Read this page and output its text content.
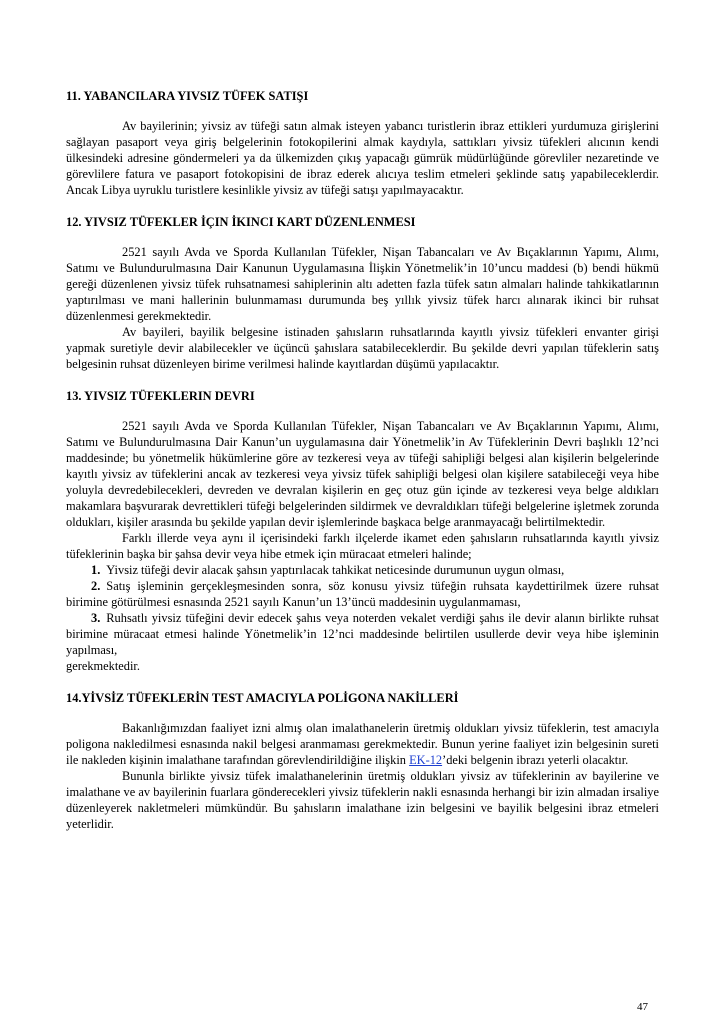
11. YABANCILARA YIVSIZ TÜFEK SATIŞI

Av bayilerinin; yivsiz av tüfeği satın almak isteyen yabancı turistlerin ibraz ettikleri yurdumuza girişlerini sağlayan pasaport veya giriş belgelerinin fotokopilerini almak kaydıyla, sattıkları yivsiz tüfekleri alıcının kendi ülkesindeki adresine göndermeleri ya da ülkemizden çıkış yapacağı gümrük müdürlüğünde görevliler nezaretinde ve görevlilere fatura ve pasaport fotokopisini de ibraz ederek alıcıya teslim etmeleri şeklinde satış yapabileceklerdir. Ancak Libya uyruklu turistlere kesinlikle yivsiz av tüfeği satışı yapılmayacaktır.

12. YIVSIZ TÜFEKLER İÇIN İKINCI KART DÜZENLENMESI

2521 sayılı Avda ve Sporda Kullanılan Tüfekler, Nişan Tabancaları ve Av Bıçaklarının Yapımı, Alımı, Satımı ve Bulundurulmasına Dair Kanunun Uygulamasına İlişkin Yönetmelik’in 10’uncu maddesi (b) bendi hükmü gereği düzenlenen yivsiz tüfek ruhsatnamesi sahiplerinin altı adetten fazla tüfek satın almaları halinde tahkikatlarının yaptırılması ve mani hallerinin bulunmaması durumunda beş yıllık yivsiz tüfek harcı alınarak ikinci bir ruhsat düzenlenmesi gerekmektedir.

Av bayileri, bayilik belgesine istinaden şahısların ruhsatlarında kayıtlı yivsiz tüfekleri envanter girişi yapmak suretiyle devir alabilecekler ve üçüncü şahıslara satabileceklerdir. Bu şekilde devri yapılan tüfeklerin satış belgesinin ruhsat düzenleyen birime verilmesi halinde kayıtlardan düşümü yapılacaktır.

13. YIVSIZ TÜFEKLERIN DEVRI

2521 sayılı Avda ve Sporda Kullanılan Tüfekler, Nişan Tabancaları ve Av Bıçaklarının Yapımı, Alımı, Satımı ve Bulundurulmasına Dair Kanun’un uygulamasına dair Yönetmelik’in Av Tüfeklerinin Devri başlıklı 12’nci maddesinde; bu yönetmelik hükümlerine göre av tezkeresi veya av tüfeği sahipliği belgesi alan kişilerin belgelerinde kayıtlı yivsiz av tüfeklerini ancak av tezkeresi veya yivsiz tüfek sahipliği belgesi olan kişilere satabileceği veya hibe yoluyla devredebilecekleri, devreden ve devralan kişilerin en geç otuz gün içinde av tezkeresi veya belge aldıkları makamlara başvurarak devrettikleri tüfeği belgelerinden sildirmek ve devraldıkları tüfeği belgelerine işletmek zorunda oldukları, kişiler arasında bu şekilde yapılan devir işlemlerinde başkaca belge aranmayacağı belirtilmektedir.

Farklı illerde veya aynı il içerisindeki farklı ilçelerde ikamet eden şahısların ruhsatlarında kayıtlı yivsiz tüfeklerinin başka bir şahsa devir veya hibe etmek için müracaat etmeleri halinde;

1. Yivsiz tüfeği devir alacak şahsın yaptırılacak tahkikat neticesinde durumunun uygun olması,

2. Satış işleminin gerçekleşmesinden sonra, söz konusu yivsiz tüfeğin ruhsata kaydettirilmek üzere ruhsat birimine götürülmesi esnasında 2521 sayılı Kanun’un 13’üncü maddesinin uygulanmaması,

3. Ruhsatlı yivsiz tüfeğini devir edecek şahıs veya noterden vekalet verdiği şahıs ile devir alanın birlikte ruhsat birimine müracaat etmesi halinde Yönetmelik’in 12’nci maddesinde belirtilen usullerde devir veya hibe işleminin yapılması,

gerekmektedir.

14.YİVSİZ TÜFEKLERİN TEST AMACIYLA POLİGONA NAKİLLERİ

Bakanlığımızdan faaliyet izni almış olan imalathanelerin üretmiş oldukları yivsiz tüfeklerin, test amacıyla poligona nakledilmesi esnasında nakil belgesi aranmaması gerekmektedir. Bunun yerine faaliyet izin belgesinin sureti ile nakleden kişinin imalathane tarafından görevlendirildiğine ilişkin EK-12’deki belgenin ibrazı yeterli olacaktır.

Bununla birlikte yivsiz tüfek imalathanelerinin üretmiş oldukları yivsiz av tüfeklerinin av bayilerine ve imalathane ve av bayilerinin fuarlara gönderecekleri yivsiz tüfeklerin nakli esnasında herhangi bir izin almadan irsaliye düzenleyerek nakletmeleri mümkündür. Bu şahısların imalathane izin belgesini ve bayilik belgesini ibraz etmeleri yeterlidir.

47
